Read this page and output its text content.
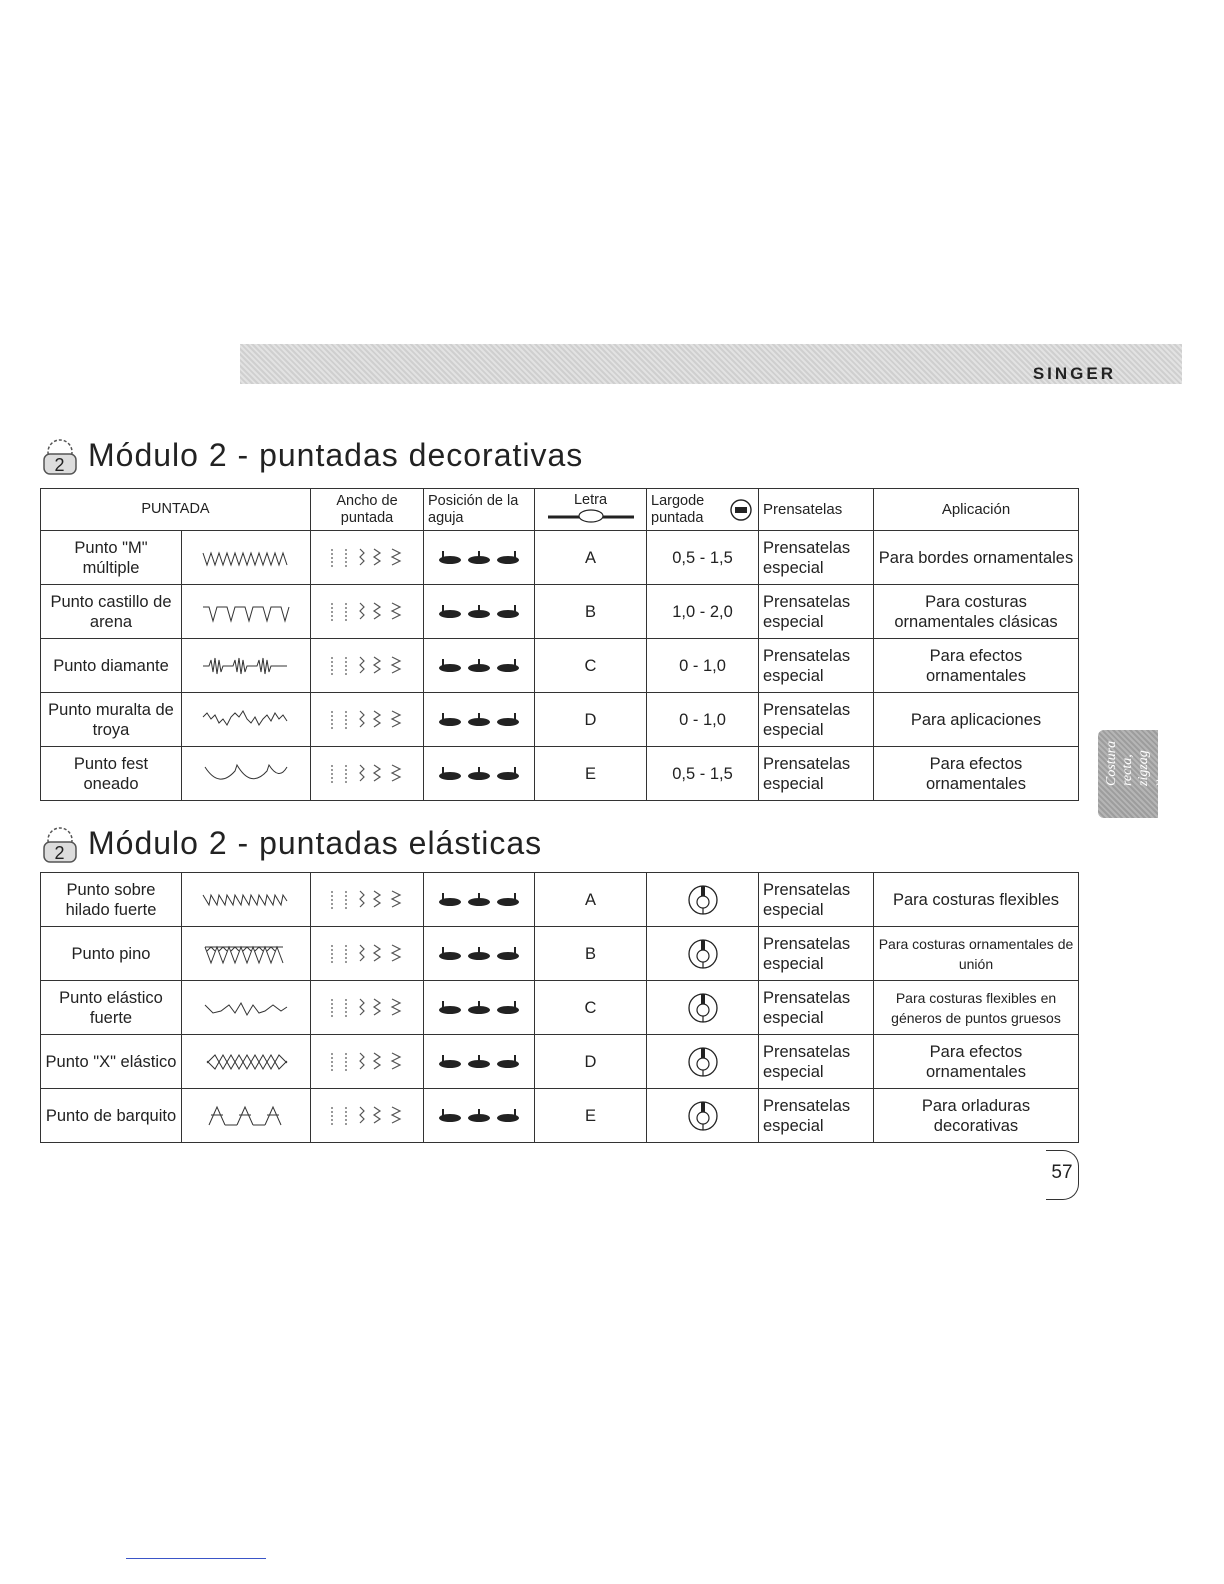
SINGER
2 Módulo 2 - puntadas decorativas
PUNTADA		Ancho de puntada	Posición de la aguja	Letra	Largode puntada	Prensatelas	Aplicación
Punto "M" múltiple				A	0,5 - 1,5	Prensatelas especial	Para bordes ornamentales
Punto castillo de arena				B	1,0 - 2,0	Prensatelas especial	Para costuras ornamentales clásicas
Punto diamante				C	0 - 1,0	Prensatelas especial	Para efectos ornamentales
Punto muralta de troya				D	0 - 1,0	Prensatelas especial	Para aplicaciones
Punto fest oneado				E	0,5 - 1,5	Prensatelas especial	Para efectos ornamentales
2 Módulo 2 - puntadas elásticas
Punto sobre hilado fuerte				A		Prensatelas especial	Para costuras flexibles
Punto pino				B		Prensatelas especial	Para costuras ornamentales de unión
Punto elástico fuerte				C		Prensatelas especial	Para costuras flexibles en géneros de puntos gruesos
Punto "X" elástico				D		Prensatelas especial	Para efectos ornamentales
Punto de barquito				E		Prensatelas especial	Para orladuras decorativas
Costura
recta, zigzag
y
otros puntos
57
